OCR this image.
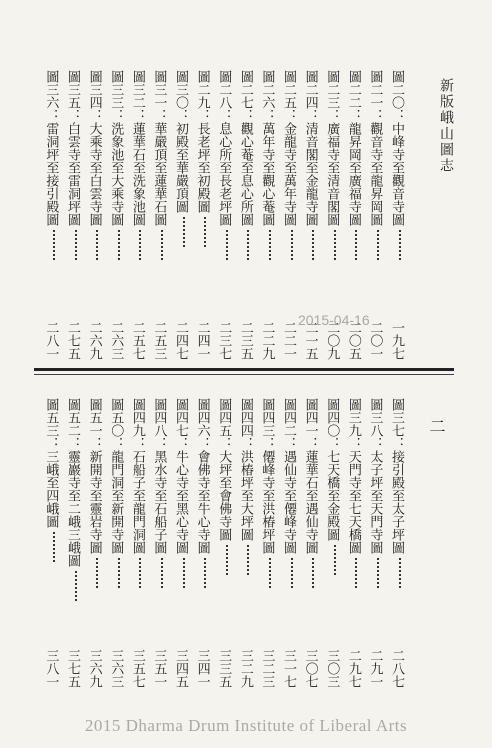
新版峨山圖志
二
圖二〇：中峰寺至觀音寺圖
一九七
圖二一：觀音寺至龍昇岡圖
二〇一
圖二二：龍昇岡至廣福寺圖
二〇五
圖二三：廣福寺至清音閣圖
二〇九
圖二四：清音閣至金龍寺圖
二一五
圖二五：金龍寺至萬年寺圖
二二一
圖二六：萬年寺至觀心菴圖
二二九
圖二七：觀心菴至息心所圖
二三五
圖二八：息心所至長老坪圖
二三七
圖二九：長老坪至初殿圖
二四一
圖三〇：初殿至華嚴頂圖
二四七
圖三一：華嚴頂至蓮華石圖
二五三
圖三二：蓮華石至洗象池圖
二五七
圖三三：洗象池至大乘寺圖
二六三
圖三四：大乘寺至白雲寺圖
二六九
圖三五：白雲寺至雷洞坪圖
二七五
圖三六：雷洞坪至接引殿圖
二八一
圖三七：接引殿至太子坪圖
二八七
圖三八：太子坪至天門寺圖
二九一
圖三九：天門寺至七天橋圖
二九七
圖四〇：七天橋至金殿圖
三〇三
圖四一：蓮華石至遇仙寺圖
三〇七
圖四二：遇仙寺至僊峰寺圖
三一七
圖四三：僊峰寺至洪椿坪圖
三二三
圖四四：洪椿坪至大坪圖
三二九
圖四五：大坪至會佛寺圖
三三五
圖四六：會佛寺至牛心寺圖
三四一
圖四七：牛心寺至黑心寺圖
三四五
圖四八：黑水寺至石船子圖
三五一
圖四九：石船子至龍門洞圖
三五七
圖五〇：龍門洞至新開寺圖
三六三
圖五一：新開寺至靈岩寺圖
三六九
圖五二：靈巖寺至二峨三峨圖
三七五
圖五三：三峨至四峨圖
三八一
2015-04-16
2015 Dharma Drum Institute of Liberal Arts
